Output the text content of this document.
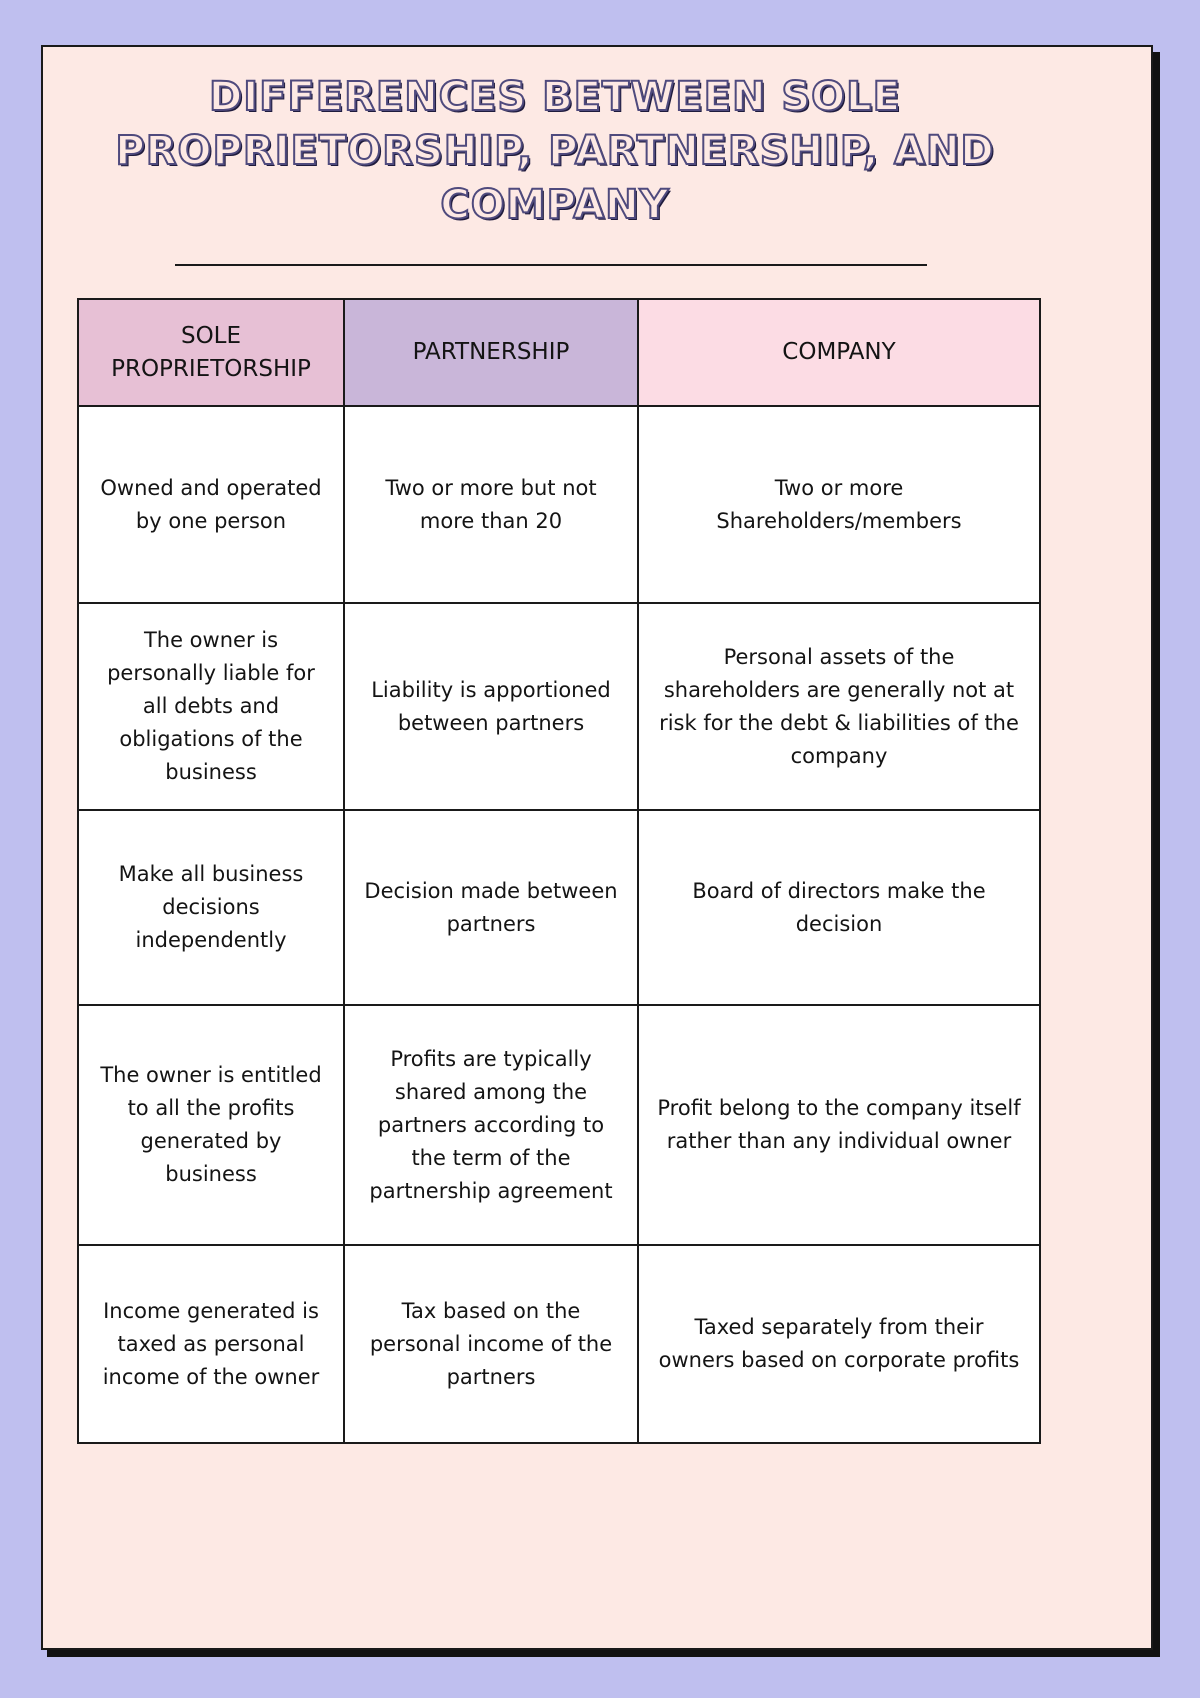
DIFFERENCES BETWEEN SOLE PROPRIETORSHIP, PARTNERSHIP, AND COMPANY
SOLE PROPRIETORSHIP	PARTNERSHIP	COMPANY
Owned and operated by one person	Two or more but not more than 20	Two or more Shareholders/members
The owner is personally liable for all debts and obligations of the business	Liability is apportioned between partners	Personal assets of the shareholders are generally not at risk for the debt & liabilities of the company
Make all business decisions independently	Decision made between partners	Board of directors make the decision
The owner is entitled to all the profits generated by business	Profits are typically shared among the partners according to the term of the partnership agreement	Profit belong to the company itself rather than any individual owner
Income generated is taxed as personal income of the owner	Tax based on the personal income of the partners	Taxed separately from their owners based on corporate profits
